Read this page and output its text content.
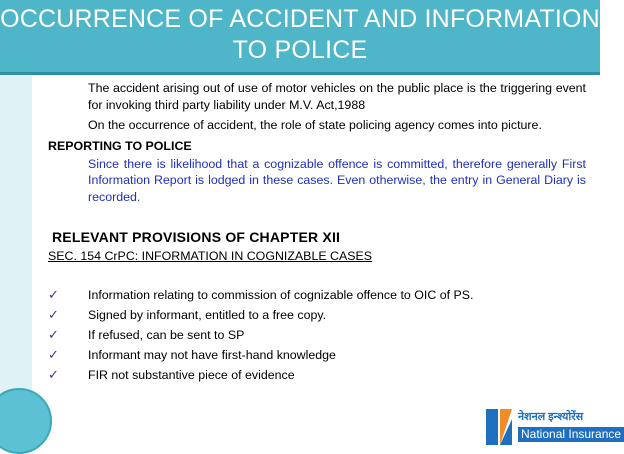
OCCURRENCE OF ACCIDENT AND INFORMATION
TO POLICE

The accident arising out of use of motor vehicles on the public place is the triggering event for invoking third party liability under M.V. Act,1988

On the occurrence of accident, the role of state policing agency comes into picture.

REPORTING TO POLICE

Since there is likelihood that a cognizable offence is committed, therefore generally First Information Report is lodged in these cases. Even otherwise, the entry in General Diary is recorded.

RELEVANT PROVISIONS OF CHAPTER XII
SEC. 154 CrPC: INFORMATION IN COGNIZABLE CASES
✓ Information relating to commission of cognizable offence to OIC of PS.
✓ Signed by informant, entitled to a free copy.
✓ If refused, can be sent to SP
✓ Informant may not have first-hand knowledge
✓ FIR not substantive piece of evidence
नेशनल इन्श्योरेंस
National Insurance
